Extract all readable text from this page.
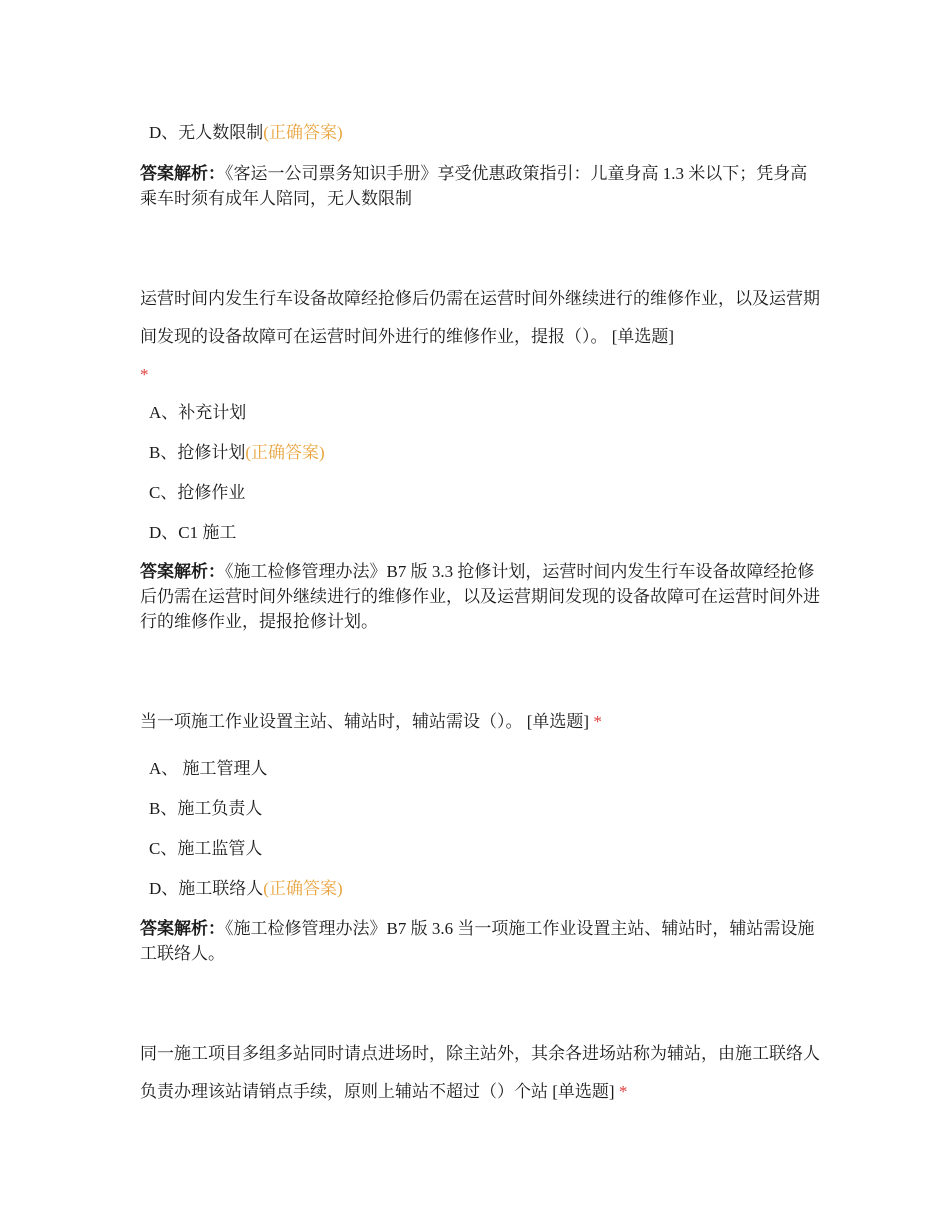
D、无人数限制(正确答案)
答案解析：《客运一公司票务知识手册》享受优惠政策指引：儿童身高 1.3 米以下；凭身高乘车时须有成年人陪同，无人数限制
运营时间内发生行车设备故障经抢修后仍需在运营时间外继续进行的维修作业，以及运营期间发现的设备故障可在运营时间外进行的维修作业，提报（）。 [单选题]
*
A、补充计划
B、抢修计划(正确答案)
C、抢修作业
D、C1 施工
答案解析：《施工检修管理办法》B7 版 3.3 抢修计划，运营时间内发生行车设备故障经抢修后仍需在运营时间外继续进行的维修作业，以及运营期间发现的设备故障可在运营时间外进行的维修作业，提报抢修计划。
当一项施工作业设置主站、辅站时，辅站需设（）。 [单选题] *
A、 施工管理人
B、施工负责人
C、施工监管人
D、施工联络人(正确答案)
答案解析：《施工检修管理办法》B7 版 3.6 当一项施工作业设置主站、辅站时，辅站需设施工联络人。
同一施工项目多组多站同时请点进场时，除主站外，其余各进场站称为辅站，由施工联络人负责办理该站请销点手续，原则上辅站不超过（）个站 [单选题] *
